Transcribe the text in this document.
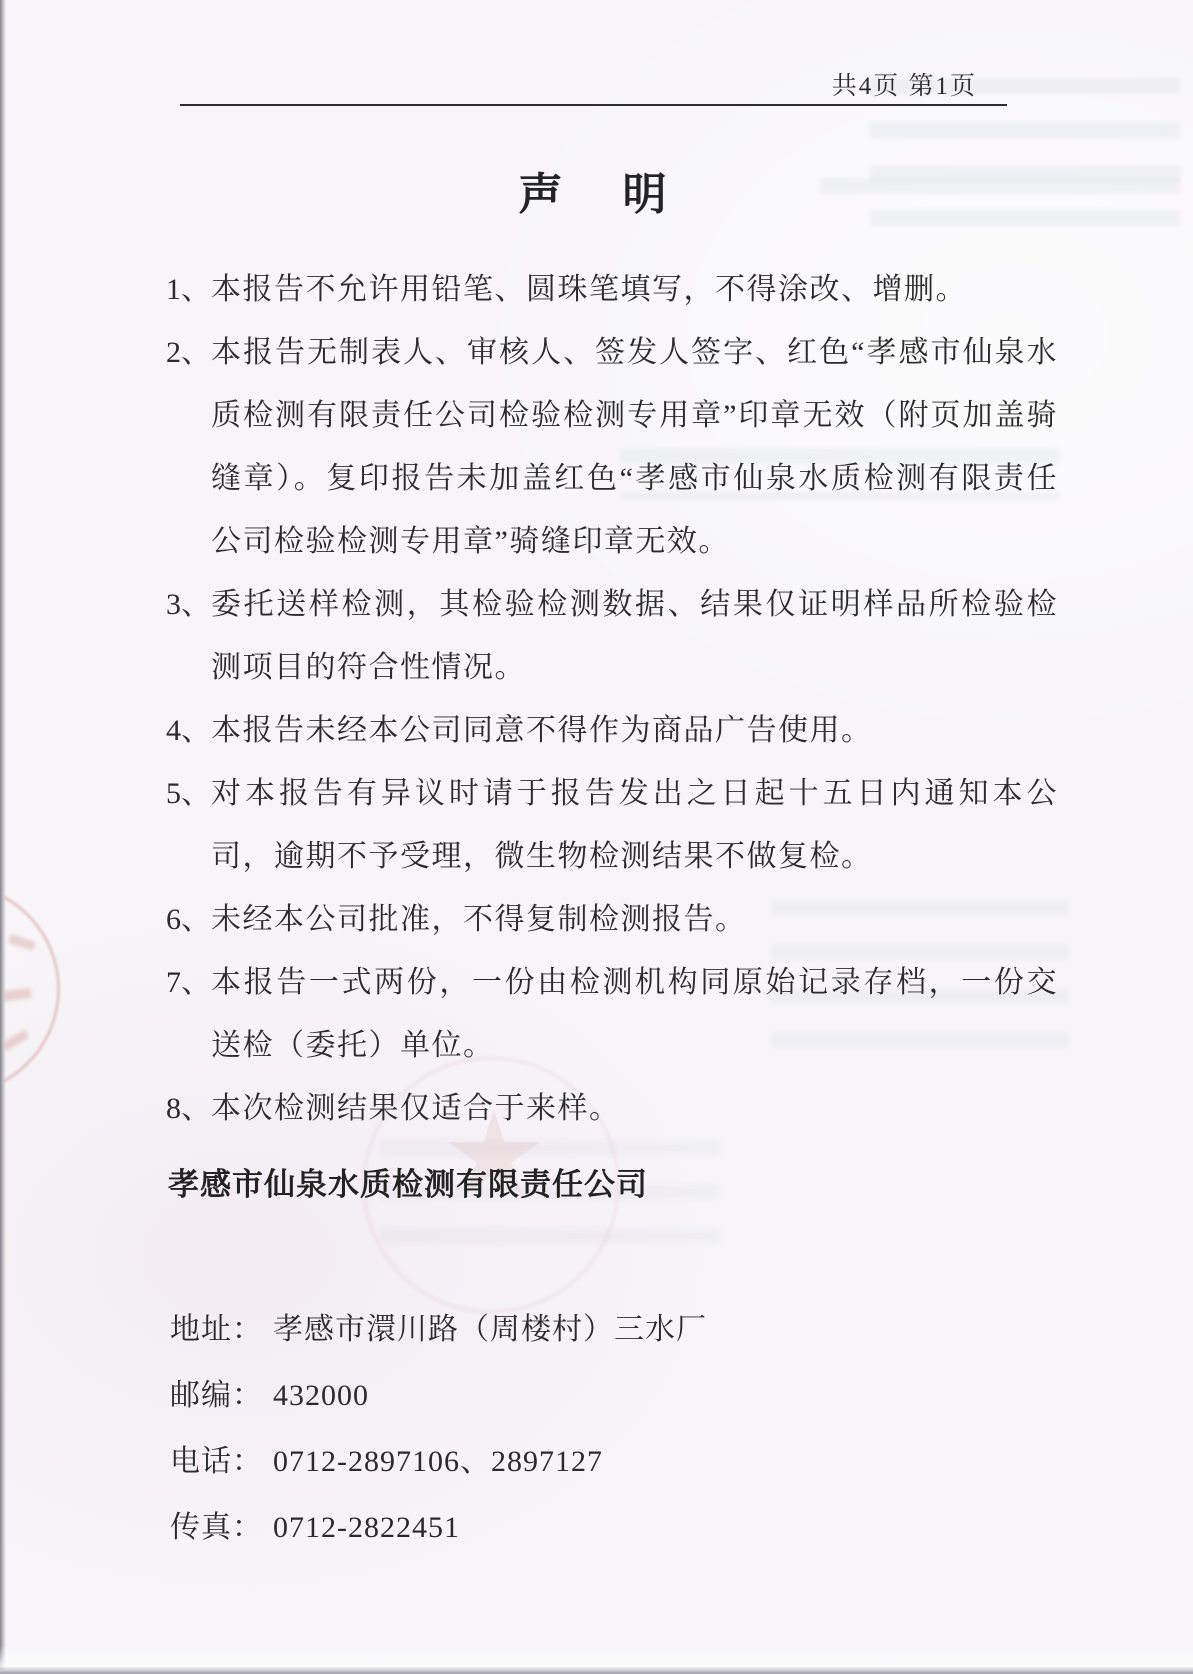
共4页 第1页
声　明
1、 本报告不允许用铅笔、圆珠笔填写，不得涂改、增删。
2、 本报告无制表人、审核人、签发人签字、红色“孝感市仙泉水质检测有限责任公司检验检测专用章”印章无效（附页加盖骑缝章）。复印报告未加盖红色“孝感市仙泉水质检测有限责任公司检验检测专用章”骑缝印章无效。
3、 委托送样检测，其检验检测数据、结果仅证明样品所检验检测项目的符合性情况。
4、 本报告未经本公司同意不得作为商品广告使用。
5、 对本报告有异议时请于报告发出之日起十五日内通知本公司，逾期不予受理，微生物检测结果不做复检。
6、 未经本公司批准，不得复制检测报告。
7、 本报告一式两份，一份由检测机构同原始记录存档，一份交送检（委托）单位。
8、 本次检测结果仅适合于来样。
孝感市仙泉水质检测有限责任公司
地址： 孝感市澴川路（周楼村）三水厂
邮编： 432000
电话： 0712-2897106、2897127
传真： 0712-2822451
